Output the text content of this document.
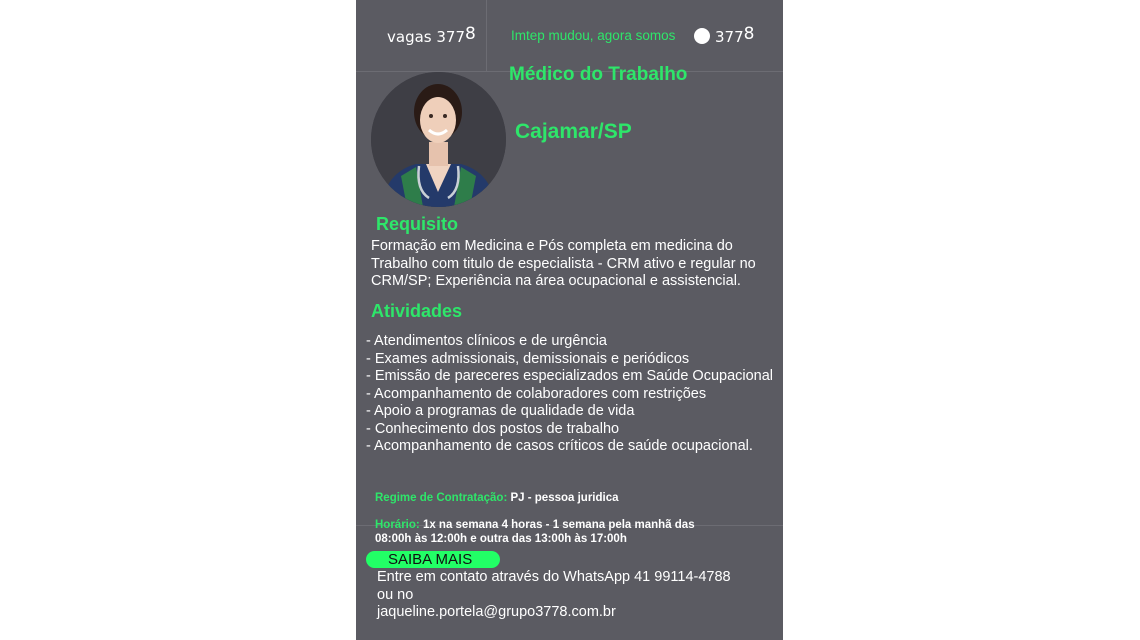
vagas 3778	Imtep mudou, agora somos	3778
Médico do Trabalho
Cajamar/SP
Requisito
Formação em Medicina e Pós completa em medicina do Trabalho com titulo de especialista - CRM ativo e regular no CRM/SP; Experiência na área ocupacional e assistencial.
Atividades
- Atendimentos clínicos e de urgência
- Exames admissionais, demissionais e periódicos
- Emissão de pareceres especializados em Saúde Ocupacional
- Acompanhamento de colaboradores com restrições
- Apoio a programas de qualidade de vida
- Conhecimento dos postos de trabalho
- Acompanhamento de casos críticos de saúde ocupacional.
Regime de Contratação: PJ - pessoa juridica
Horário: 1x na semana 4 horas - 1 semana pela manhã das 08:00h às 12:00h e outra das 13:00h às 17:00h
SAIBA MAIS
Entre em contato através do WhatsApp 41 99114-4788
ou no
jaqueline.portela@grupo3778.com.br
